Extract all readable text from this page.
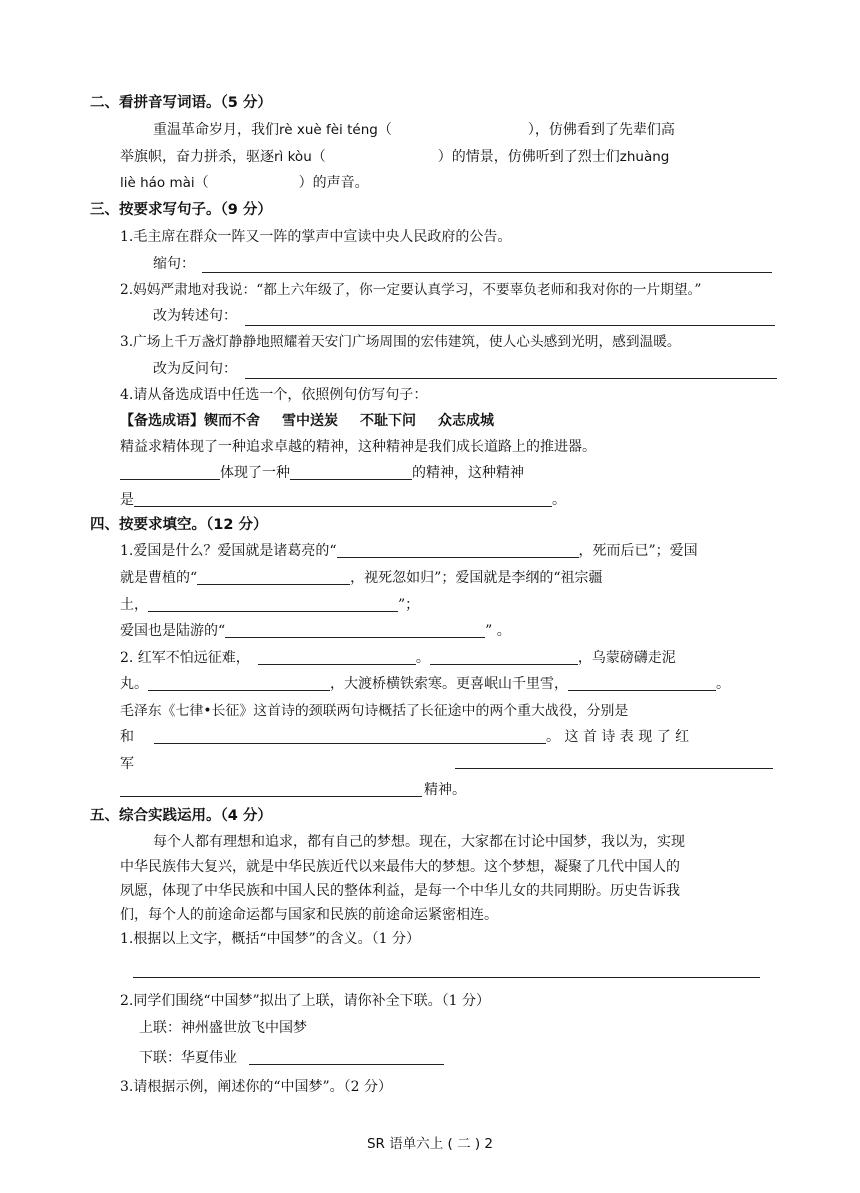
二、看拼音写词语。（5 分）
重温革命岁月，我们rè xuè fèi téng（	），仿佛看到了先辈们高
举旗帜，奋力拼杀，驱逐rì kòu（	）的情景，仿佛听到了烈士们zhuàng
liè háo mài（	）的声音。
三、按要求写句子。（9 分）
1.毛主席在群众一阵又一阵的掌声中宣读中央人民政府的公告。
缩句：
2.妈妈严肃地对我说：“都上六年级了，你一定要认真学习，不要辜负老师和我对你的一片期望。”
改为转述句：
3.广场上千万盏灯静静地照耀着天安门广场周围的宏伟建筑，使人心头感到光明，感到温暖。
改为反问句：
4.请从备选成语中任选一个，依照例句仿写句子：
【备选成语】锲而不舍 雪中送炭 不耻下问 众志成城
精益求精体现了一种追求卓越的精神，这种精神是我们成长道路上的推进器。
体现了一种	的精神，这种精神
是	。
四、按要求填空。（12 分）
1.爱国是什么？爱国就是诸葛亮的“	，死而后已”；爱国
就是曹植的“	，视死忽如归”；爱国就是李纲的“祖宗疆
土，	”；
爱国也是陆游的“	” 。
2. 红军不怕远征难，	。	，乌蒙磅礴走泥
丸。	，大渡桥横铁索寒。更喜岷山千里雪，	。
毛泽东《七律•长征》这首诗的颈联两句诗概括了长征途中的两个重大战役，分别是
和	。 这 首 诗 表 现 了 红
军
精神。
五、综合实践运用。（4 分）
每个人都有理想和追求，都有自己的梦想。现在，大家都在讨论中国梦，我以为，实现
中华民族伟大复兴，就是中华民族近代以来最伟大的梦想。这个梦想，凝聚了几代中国人的
夙愿，体现了中华民族和中国人民的整体利益，是每一个中华儿女的共同期盼。历史告诉我
们，每个人的前途命运都与国家和民族的前途命运紧密相连。
1.根据以上文字，概括“中国梦”的含义。（1 分）
2.同学们围绕“中国梦”拟出了上联，请你补全下联。（1 分）
上联：神州盛世放飞中国梦
下联：华夏伟业
3.请根据示例，阐述你的“中国梦”。（2 分）
SR 语单六上 ( 二 ) 2
